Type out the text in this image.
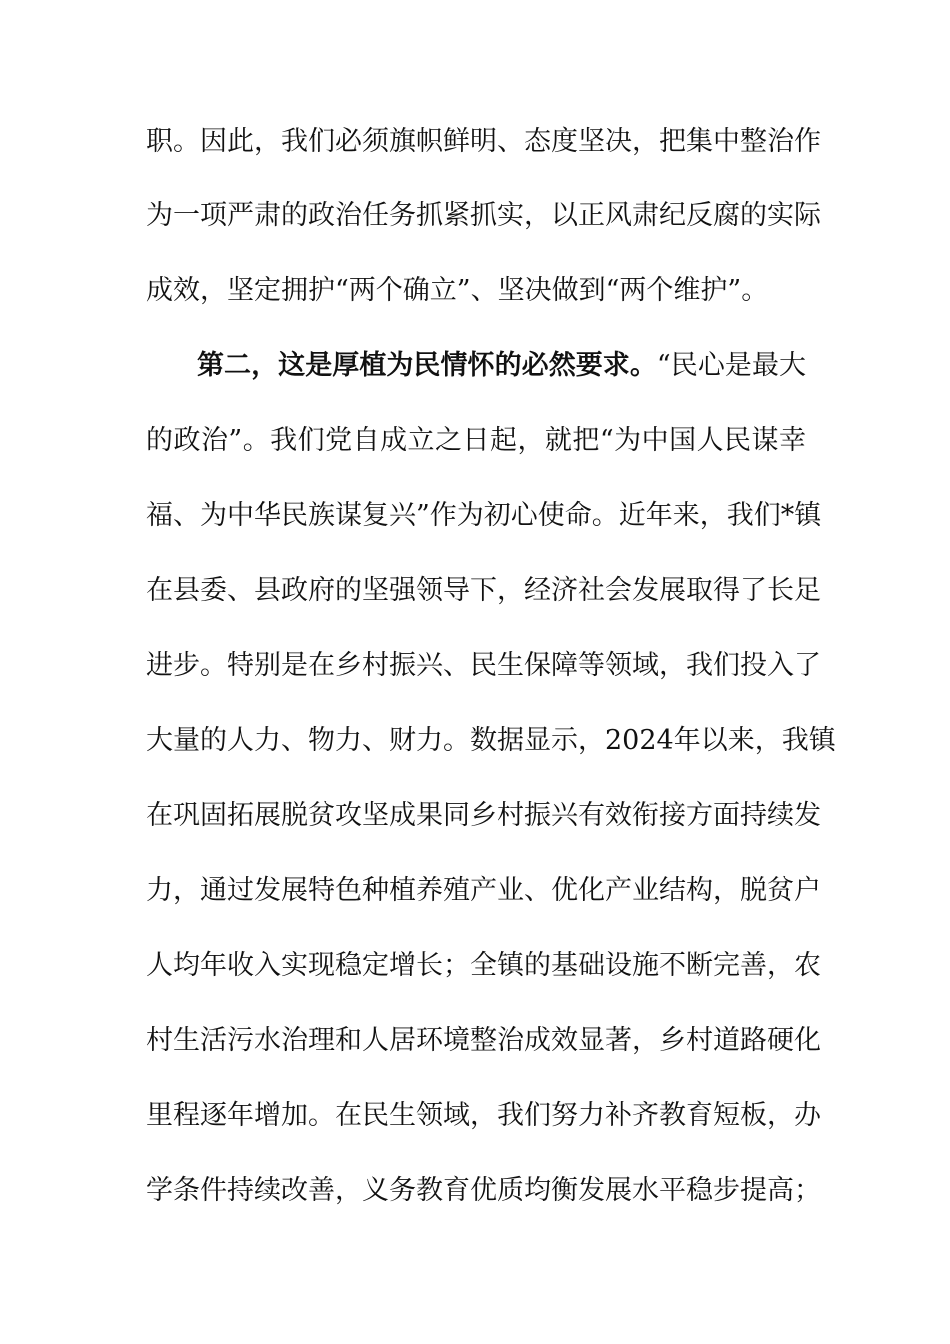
职。因此，我们必须旗帜鲜明、态度坚决，把集中整治作
为一项严肃的政治任务抓紧抓实，以正风肃纪反腐的实际
成效，坚定拥护“两个确立”、坚决做到“两个维护”。
第二，这是厚植为民情怀的必然要求。“民心是最大
的政治”。我们党自成立之日起，就把“为中国人民谋幸
福、为中华民族谋复兴”作为初心使命。近年来，我们*镇
在县委、县政府的坚强领导下，经济社会发展取得了长足
进步。特别是在乡村振兴、民生保障等领域，我们投入了
大量的人力、物力、财力。数据显示，2024年以来，我镇
在巩固拓展脱贫攻坚成果同乡村振兴有效衔接方面持续发
力，通过发展特色种植养殖产业、优化产业结构，脱贫户
人均年收入实现稳定增长；全镇的基础设施不断完善，农
村生活污水治理和人居环境整治成效显著，乡村道路硬化
里程逐年增加。在民生领域，我们努力补齐教育短板，办
学条件持续改善，义务教育优质均衡发展水平稳步提高；
